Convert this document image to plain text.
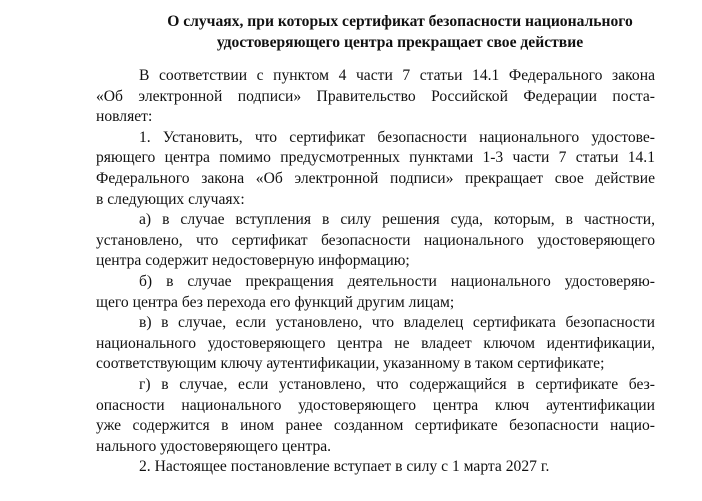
О случаях, при которых сертификат безопасности национального
удостоверяющего центра прекращает свое действие
В соответствии с пунктом 4 части 7 статьи 14.1 Федерального закона
«Об электронной подписи» Правительство Российской Федерации поста-
новляет:
1. Установить, что сертификат безопасности национального удостове-
ряющего центра помимо предусмотренных пунктами 1-3 части 7 статьи 14.1
Федерального закона «Об электронной подписи» прекращает свое действие
в следующих случаях:
а) в случае вступления в силу решения суда, которым, в частности,
установлено, что сертификат безопасности национального удостоверяющего
центра содержит недостоверную информацию;
б) в случае прекращения деятельности национального удостоверяю-
щего центра без перехода его функций другим лицам;
в) в случае, если установлено, что владелец сертификата безопасности
национального удостоверяющего центра не владеет ключом идентификации,
соответствующим ключу аутентификации, указанному в таком сертификате;
г) в случае, если установлено, что содержащийся в сертификате без-
опасности национального удостоверяющего центра ключ аутентификации
уже содержится в ином ранее созданном сертификате безопасности нацио-
нального удостоверяющего центра.
2. Настоящее постановление вступает в силу с 1 марта 2027 г.
